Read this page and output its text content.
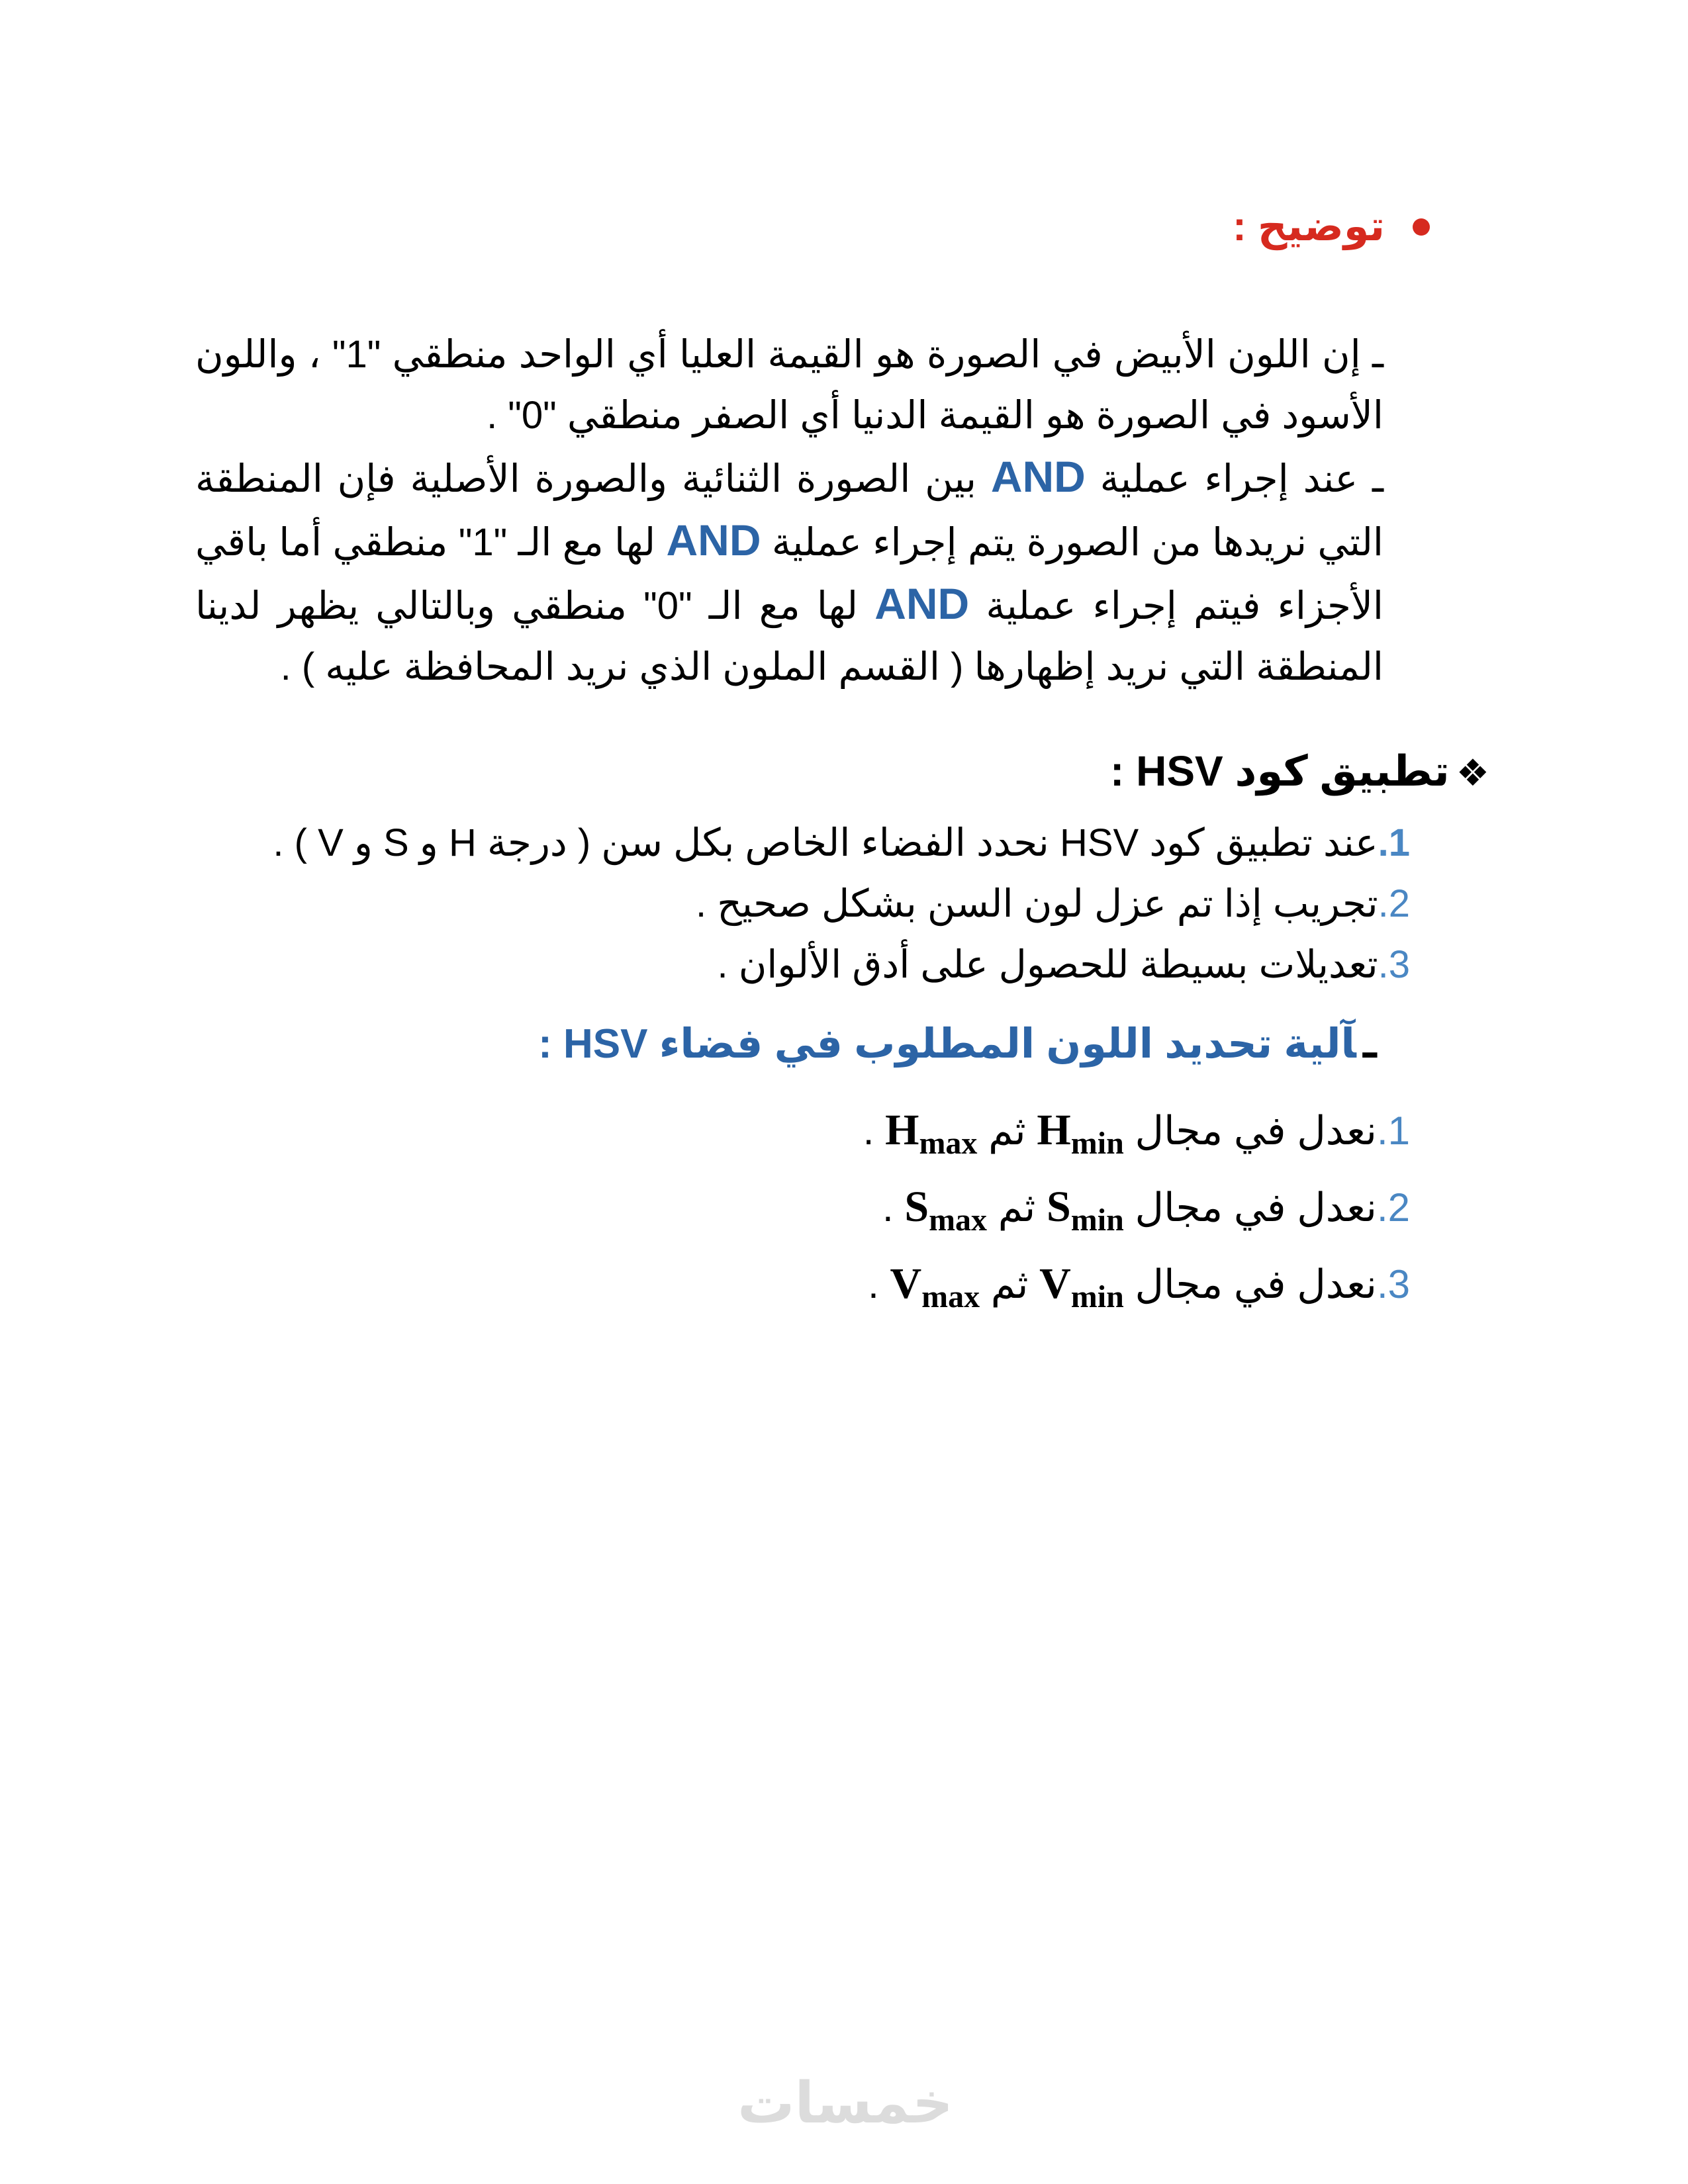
توضيح :

ـ إن اللون الأبيض في الصورة هو القيمة العليا أي الواحد منطقي "1" ، واللون الأسود في الصورة هو القيمة الدنيا أي الصفر منطقي "0" .

ـ عند إجراء عملية AND بين الصورة الثنائية والصورة الأصلية فإن المنطقة التي نريدها من الصورة يتم إجراء عملية AND لها مع الـ "1" منطقي أما باقي الأجزاء فيتم إجراء عملية AND لها مع الـ "0" منطقي وبالتالي يظهر لدينا المنطقة التي نريد إظهارها ( القسم الملون الذي نريد المحافظة عليه ) .

❖تطبيق كود HSV :
1.عند تطبيق كود HSV نحدد الفضاء الخاص بكل سن ( درجة H و S و V ) .
2.تجريب إذا تم عزل لون السن بشكل صحيح .
3.تعديلات بسيطة للحصول على أدق الألوان .
ـآلية تحديد اللون المطلوب في فضاء HSV :
1.نعدل في مجال $H_{min}$ ثم $H_{max}$ .
2.نعدل في مجال $S_{min}$ ثم $S_{max}$ .
3.نعدل في مجال $V_{min}$ ثم $V_{max}$ .
خمسات
